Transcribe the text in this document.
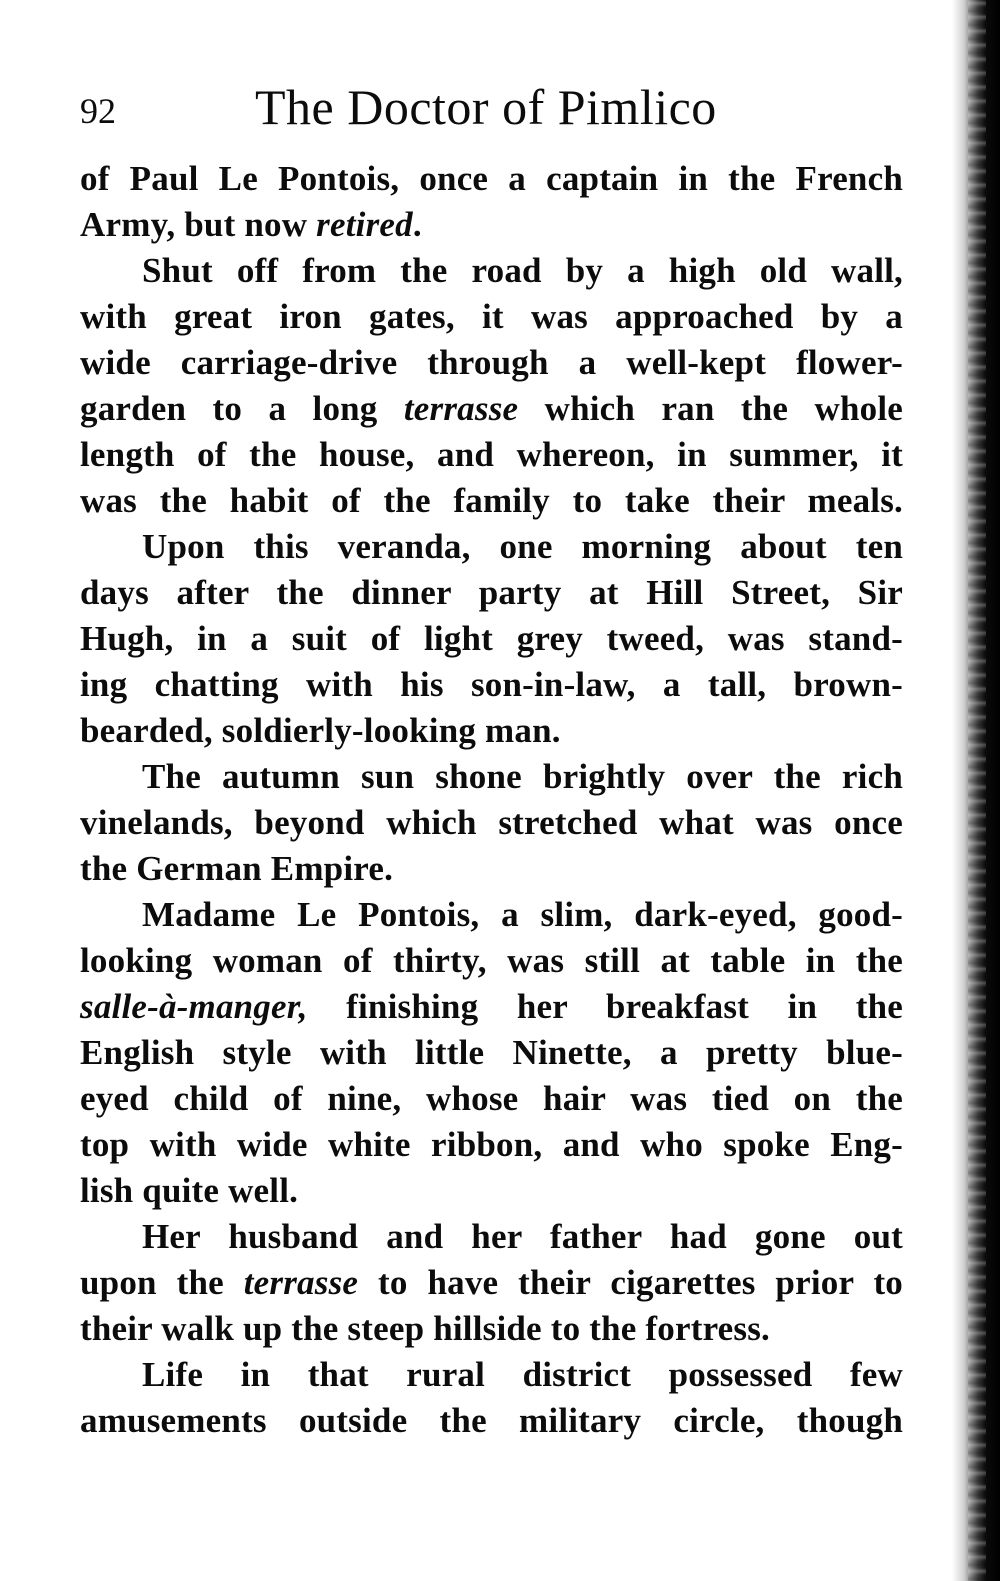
92	The Doctor of Pimlico
of Paul Le Pontois, once a captain in the French
Army, but now retired.
Shut off from the road by a high old wall,
with great iron gates, it was approached by a
wide carriage-drive through a well-kept flower-
garden to a long terrasse which ran the whole
length of the house, and whereon, in summer, it
was the habit of the family to take their meals.
Upon this veranda, one morning about ten
days after the dinner party at Hill Street, Sir
Hugh, in a suit of light grey tweed, was stand-
ing chatting with his son-in-law, a tall, brown-
bearded, soldierly-looking man.
The autumn sun shone brightly over the rich
vinelands, beyond which stretched what was once
the German Empire.
Madame Le Pontois, a slim, dark-eyed, good-
looking woman of thirty, was still at table in the
salle-à-manger, finishing her breakfast in the
English style with little Ninette, a pretty blue-
eyed child of nine, whose hair was tied on the
top with wide white ribbon, and who spoke Eng-
lish quite well.
Her husband and her father had gone out
upon the terrasse to have their cigarettes prior to
their walk up the steep hillside to the fortress.
Life in that rural district possessed few
amusements outside the military circle, though
